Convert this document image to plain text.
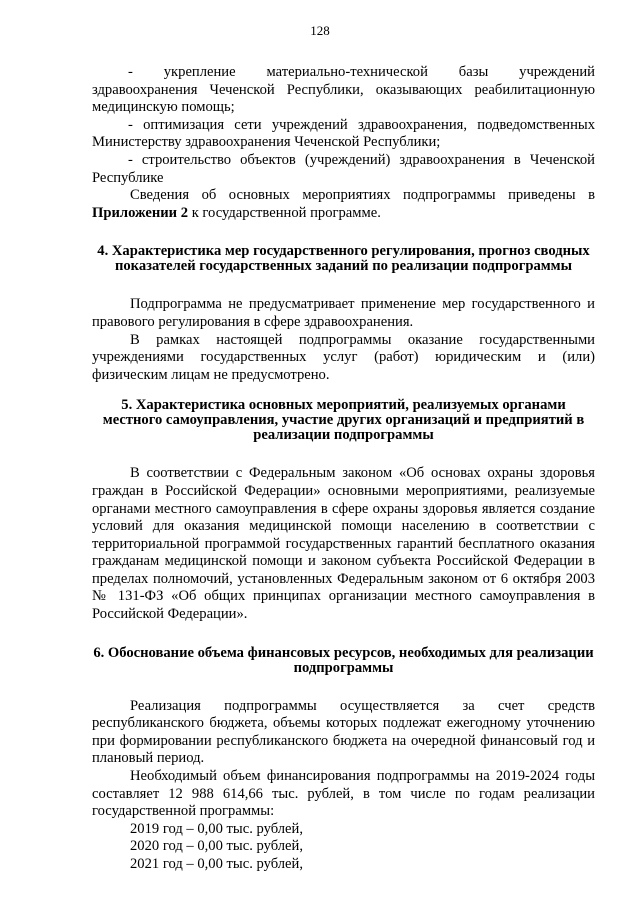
128

- укрепление материально-технической базы учреждений здравоохранения Чеченской Республики, оказывающих реабилитационную медицинскую помощь;

- оптимизация сети учреждений здравоохранения, подведомственных Министерству здравоохранения Чеченской Республики;

- строительство объектов (учреждений) здравоохранения в Чеченской Республике

Сведения об основных мероприятиях подпрограммы приведены в Приложении 2 к государственной программе.

4. Характеристика мер государственного регулирования, прогноз сводных показателей государственных заданий по реализации подпрограммы

Подпрограмма не предусматривает применение мер государственного и правового регулирования в сфере здравоохранения.

В рамках настоящей подпрограммы оказание государственными учреждениями государственных услуг (работ) юридическим и (или) физическим лицам не предусмотрено.

5. Характеристика основных мероприятий, реализуемых органами местного самоуправления, участие других организаций и предприятий в реализации подпрограммы

В соответствии с Федеральным законом «Об основах охраны здоровья граждан в Российской Федерации» основными мероприятиями, реализуемые органами местного самоуправления в сфере охраны здоровья является создание условий для оказания медицинской помощи населению в соответствии с территориальной программой государственных гарантий бесплатного оказания гражданам медицинской помощи и законом субъекта Российской Федерации в пределах полномочий, установленных Федеральным законом от 6 октября 2003 № 131-ФЗ «Об общих принципах организации местного самоуправления в Российской Федерации».

6. Обоснование объема финансовых ресурсов, необходимых для реализации подпрограммы

Реализация подпрограммы осуществляется за счет средств республиканского бюджета, объемы которых подлежат ежегодному уточнению при формировании республиканского бюджета на очередной финансовый год и плановый период.

Необходимый объем финансирования подпрограммы на 2019-2024 годы составляет 12 988 614,66 тыс. рублей, в том числе по годам реализации государственной программы:

2019 год – 0,00 тыс. рублей,

2020 год – 0,00 тыс. рублей,

2021 год – 0,00 тыс. рублей,
